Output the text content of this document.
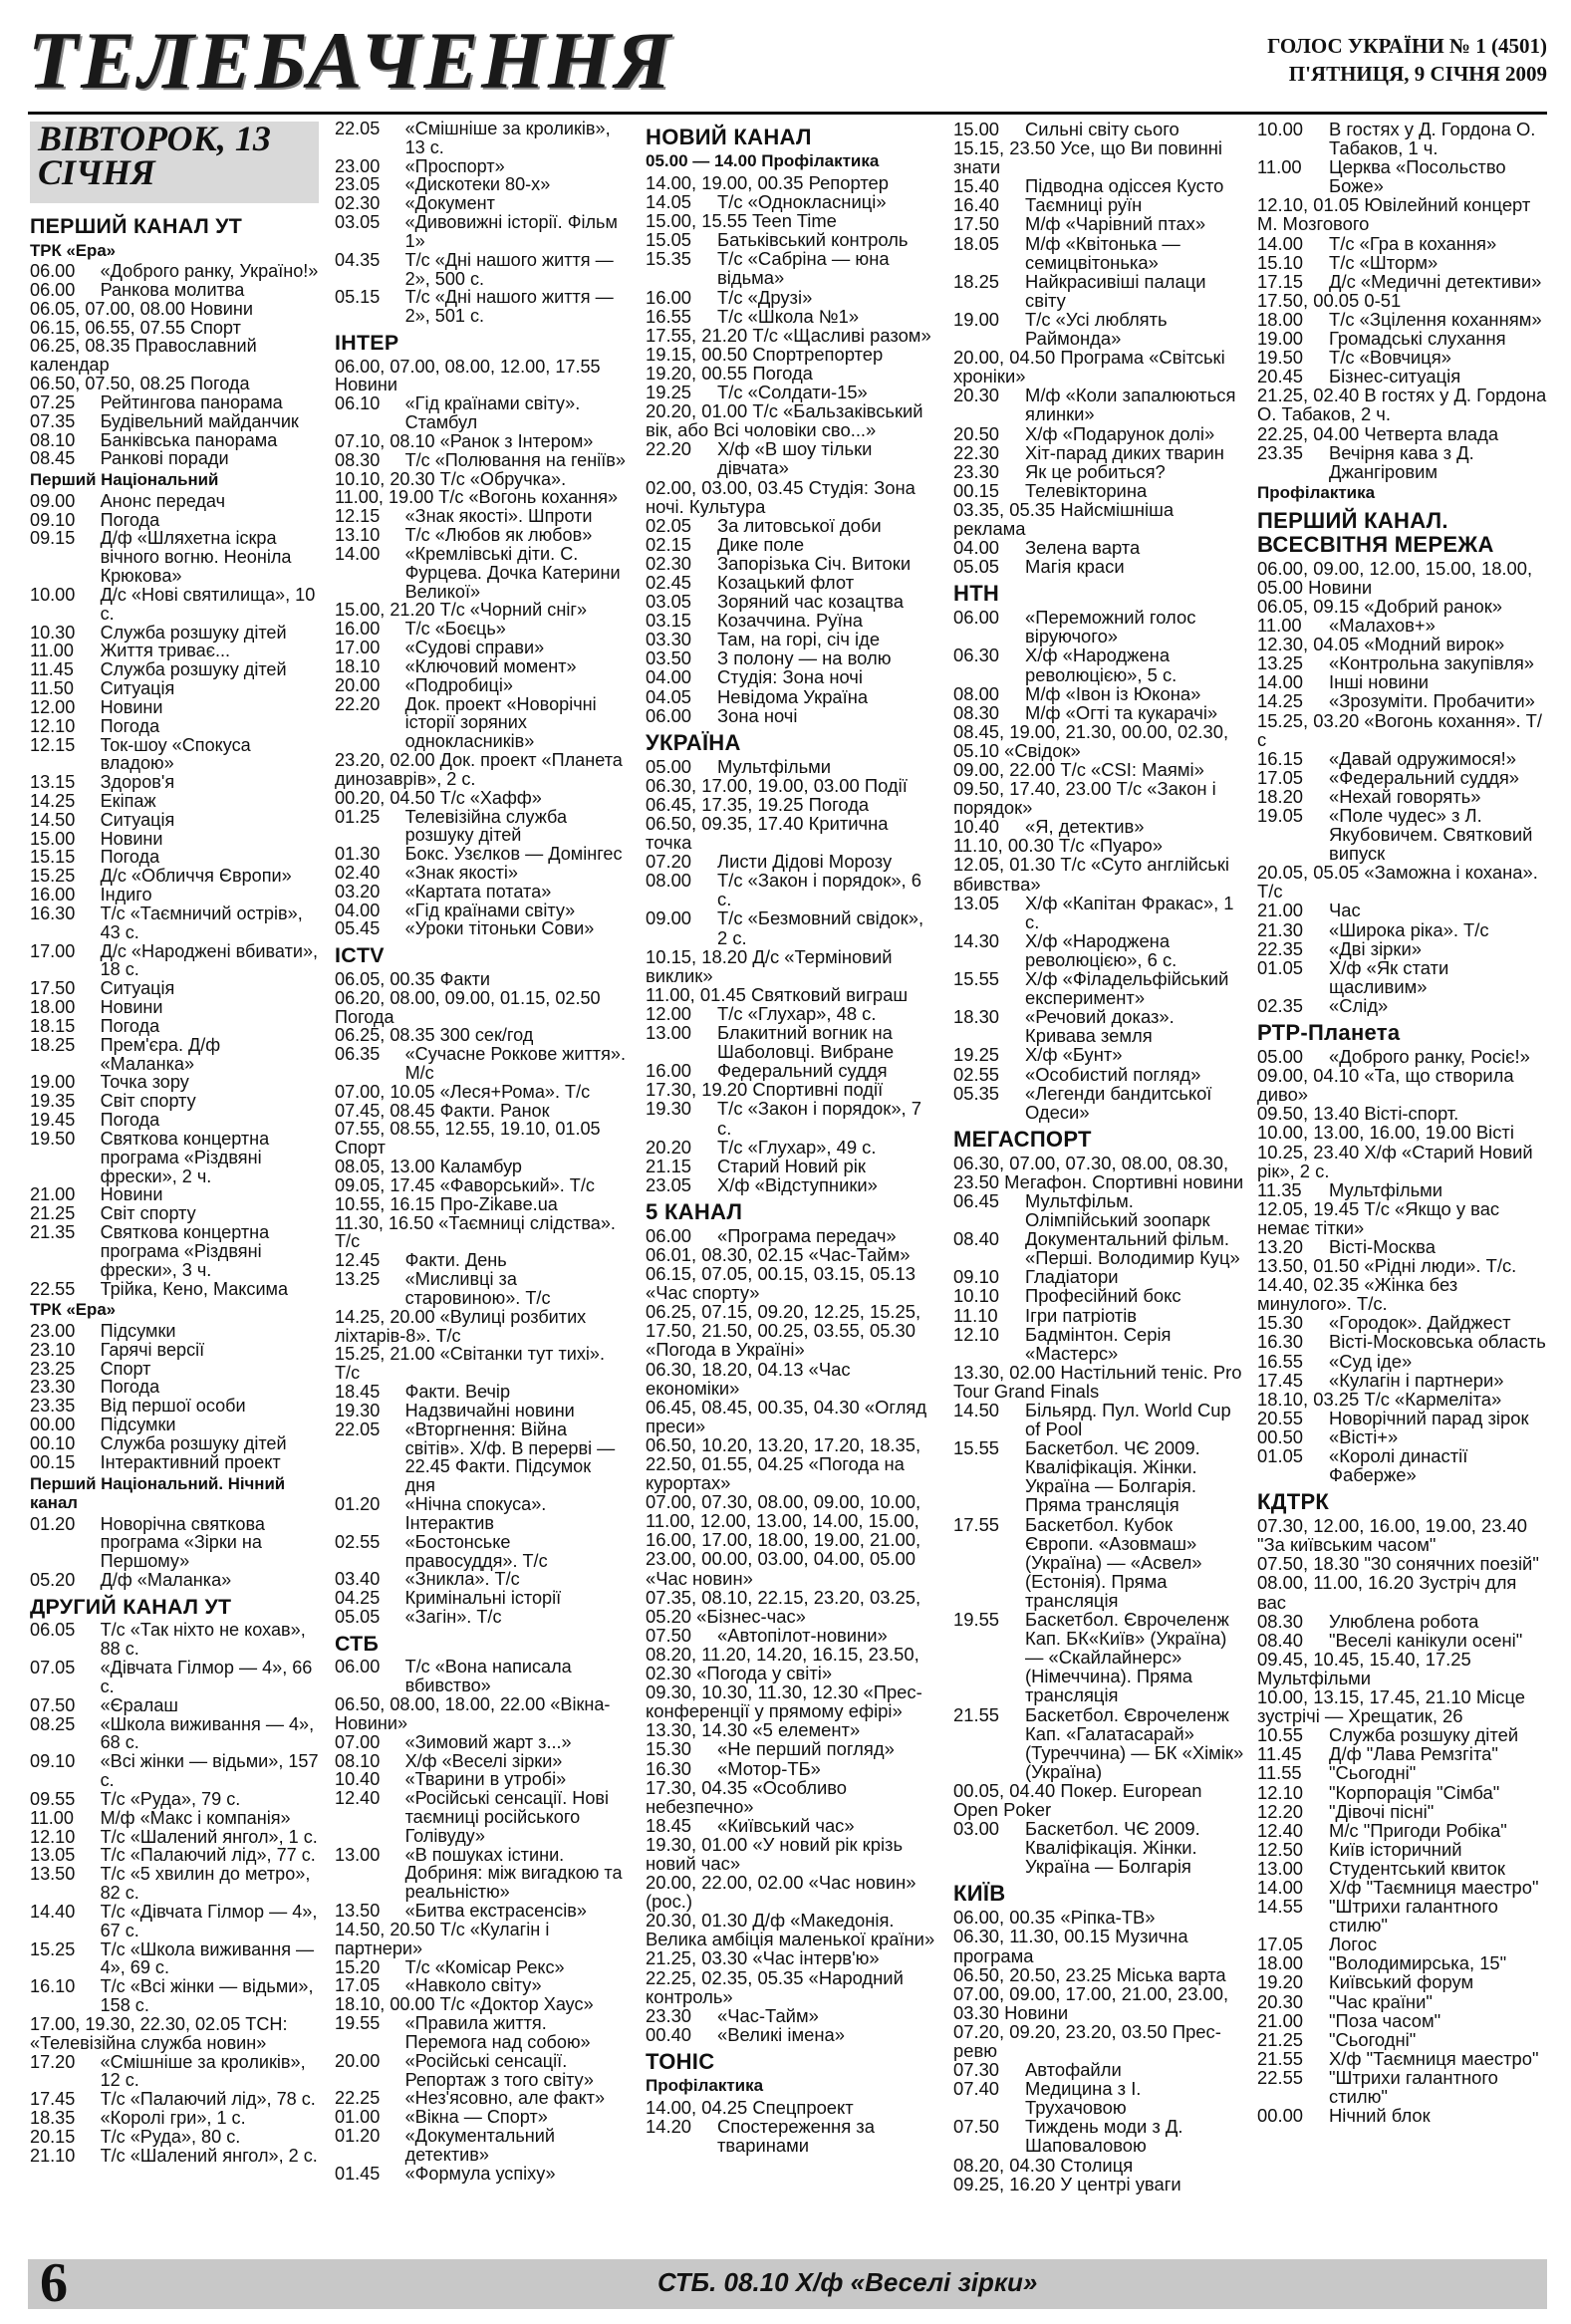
ТЕЛЕБАЧЕННЯ	ГОЛОС УКРАЇНИ № 1 (4501)
П'ЯТНИЦЯ, 9 СІЧНЯ 2009
ВІВТОРОК, 13 СІЧНЯ
ПЕРШИЙ КАНАЛ УТ
ТРК «Ера»
06.00	«Доброго ранку, Україно!»
06.00	Ранкова молитва
06.05, 07.00, 08.00 Новини
06.15, 06.55, 07.55 Спорт
06.25, 08.35 Православний календар
06.50, 07.50, 08.25 Погода
07.25	Рейтингова панорама
07.35	Будівельний майданчик
08.10	Банківська панорама
08.45	Ранкові поради
Перший Національний
09.00	Анонс передач
09.10	Погода
09.15	Д/ф «Шляхетна іскра вічного вогню. Неоніла Крюкова»
10.00	Д/с «Нові святилища», 10 с.
10.30	Служба розшуку дітей
11.00	Життя триває...
11.45	Служба розшуку дітей
11.50	Ситуація
12.00	Новини
12.10	Погода
12.15	Ток-шоу «Спокуса владою»
13.15	Здоров'я
14.25	Екіпаж
14.50	Ситуація
15.00	Новини
15.15	Погода
15.25	Д/с «Обличчя Європи»
16.00	Індиго
16.30	Т/с «Таємничий острів», 43 с.
17.00	Д/с «Народжені вбивати», 18 с.
17.50	Ситуація
18.00	Новини
18.15	Погода
18.25	Прем'єра. Д/ф «Маланка»
19.00	Точка зору
19.35	Світ спорту
19.45	Погода
19.50	Святкова концертна програма «Різдвяні фрески», 2 ч.
21.00	Новини
21.25	Світ спорту
21.35	Святкова концертна програма «Різдвяні фрески», 3 ч.
22.55	Трійка, Кено, Максима
ТРК «Ера»
23.00	Підсумки
23.10	Гарячі версії
23.25	Спорт
23.30	Погода
23.35	Від першої особи
00.00	Підсумки
00.10	Служба розшуку дітей
00.15	Інтерактивний проект
Перший Національний. Нічний канал
01.20	Новорічна святкова програма «Зірки на Першому»
05.20	Д/ф «Маланка»
ДРУГИЙ КАНАЛ УТ
06.05	Т/с «Так ніхто не кохав», 88 с.
07.05	«Дівчата Гілмор — 4», 66 с.
07.50	«Єралаш
08.25	«Школа виживання — 4», 68 с.
09.10	«Всі жінки — відьми», 157 с.
09.55	Т/с «Руда», 79 с.
11.00	М/ф «Макс і компанія»
12.10	Т/с «Шалений янгол», 1 с.
13.05	Т/с «Палаючий лід», 77 с.
13.50	Т/с «5 хвилин до метро», 82 с.
14.40	Т/с «Дівчата Гілмор — 4», 67 с.
15.25	Т/с «Школа виживання — 4», 69 с.
16.10	Т/с «Всі жінки — відьми», 158 с.
17.00, 19.30, 22.30, 02.05 ТСН: «Телевізійна служба новин»
17.20	«Смішніше за кроликів», 12 с.
17.45	Т/с «Палаючий лід», 78 с.
18.35	«Королі гри», 1 с.
20.15	Т/с «Руда», 80 с.
21.10	Т/с «Шалений янгол», 2 с.
22.05	«Смішніше за кроликів», 13 с.
23.00	«Проспорт»
23.05	«Дискотеки 80-х»
02.30	«Документ
03.05	«Дивовижні історії. Фільм 1»
04.35	Т/с «Дні нашого життя — 2», 500 с.
05.15	Т/с «Дні нашого життя — 2», 501 с.
ІНТЕР
06.00, 07.00, 08.00, 12.00, 17.55 Новини
06.10	«Гід країнами світу». Стамбул
07.10, 08.10 «Ранок з Інтером»
08.30	Т/с «Полювання на геніїв»
10.10, 20.30 Т/с «Обручка».
11.00, 19.00 Т/с «Вогонь кохання»
12.15	«Знак якості». Шпроти
13.10	Т/с «Любов як любов»
14.00	«Кремлівські діти. С. Фурцева. Дочка Катерини Великої»
15.00, 21.20 Т/с «Чорний сніг»
16.00	Т/с «Боєць»
17.00	«Судові справи»
18.10	«Ключовий момент»
20.00	«Подробиці»
22.20	Док. проект «Новорічні історії зоряних однокласників»
23.20, 02.00 Док. проект «Планета динозаврів», 2 с.
00.20, 04.50 Т/с «Хафф»
01.25	Телевізійна служба розшуку дітей
01.30	Бокс. Узєлков — Домінгес
02.40	«Знак якості»
03.20	«Картата потата»
04.00	«Гід країнами світу»
05.45	«Уроки тітоньки Сови»
ICTV
06.05, 00.35 Факти
06.20, 08.00, 09.00, 01.15, 02.50 Погода
06.25, 08.35 300 сек/год
06.35	«Сучасне Роккове життя». М/с
07.00, 10.05 «Леся+Рома». Т/с
07.45, 08.45 Факти. Ранок
07.55, 08.55, 12.55, 19.10, 01.05 Спорт
08.05, 13.00 Каламбур
09.05, 17.45 «Фаворський». Т/с
10.55, 16.15 Про-Zikaвe.ua
11.30, 16.50 «Таємниці слідства». Т/с
12.45	Факти. День
13.25	«Мисливці за старовиною». Т/с
14.25, 20.00 «Вулиці розбитих ліхтарів-8». Т/с
15.25, 21.00 «Світанки тут тихі». Т/с
18.45	Факти. Вечір
19.30	Надзвичайні новини
22.05	«Вторгнення: Війна світів». Х/ф. В перерві — 22.45 Факти. Підсумок дня
01.20	«Нічна спокуса». Інтерактив
02.55	«Бостонське правосуддя». Т/с
03.40	«Зникла». Т/с
04.25	Кримінальні історії
05.05	«Загін». Т/с
СТБ
06.00	Т/с «Вона написала вбивство»
06.50, 08.00, 18.00, 22.00 «Вікна-Новини»
07.00	«Зимовий жарт з...»
08.10	Х/ф «Веселі зірки»
10.40	«Тварини в утробі»
12.40	«Російські сенсації. Нові таємниці російського Голівуду»
13.00	«В пошуках істини. Добриня: між вигадкою та реальністю»
13.50	«Битва екстрасенсів»
14.50, 20.50 Т/с «Кулагін і партнери»
15.20	Т/с «Комісар Рекс»
17.05	«Навколо світу»
18.10, 00.00 Т/с «Доктор Хаус»
19.55	«Правила життя. Перемога над собою»
20.00	«Російські сенсації. Репортаж з того світу»
22.25	«Нез'ясовно, але факт»
01.00	«Вікна — Спорт»
01.20	«Документальний детектив»
01.45	«Формула успіху»
НОВИЙ КАНАЛ
05.00 — 14.00 Профілактика
14.00, 19.00, 00.35 Репортер
14.05	Т/с «Однокласниці»
15.00, 15.55 Teen Time
15.05	Батьківський контроль
15.35	Т/с «Сабріна — юна відьма»
16.00	Т/с «Друзі»
16.55	Т/с «Школа №1»
17.55, 21.20 Т/с «Щасливі разом»
19.15, 00.50 Спортрепортер
19.20, 00.55 Погода
19.25	Т/с «Солдати-15»
20.20, 01.00 Т/с «Бальзаківський вік, або Всі чоловіки сво...»
22.20	Х/ф «В шоу тільки дівчата»
02.00, 03.00, 03.45 Студія: Зона ночі. Культура
02.05	За литовської доби
02.15	Дике поле
02.30	Запорізька Січ. Витоки
02.45	Козацький флот
03.05	Зоряний час козацтва
03.15	Козаччина. Руїна
03.30	Там, на горі, січ іде
03.50	З полону — на волю
04.00	Студія: Зона ночі
04.05	Невідома Україна
06.00	Зона ночі
УКРАЇНА
05.00	Мультфільми
06.30, 17.00, 19.00, 03.00 Події
06.45, 17.35, 19.25 Погода
06.50, 09.35, 17.40 Критична точка
07.20	Листи Дідові Морозу
08.00	Т/с «Закон і порядок», 6 с.
09.00	Т/с «Безмовний свідок», 2 с.
10.15, 18.20 Д/с «Терміновий виклик»
11.00, 01.45 Святковий виграш
12.00	Т/с «Глухар», 48 с.
13.00	Блакитний вогник на Шаболовці. Вибране
16.00	Федеральний суддя
17.30, 19.20 Спортивні події
19.30	Т/с «Закон і порядок», 7 с.
20.20	Т/с «Глухар», 49 с.
21.15	Старий Новий рік
23.05	Х/ф «Відступники»
5 КАНАЛ
06.00	«Програма передач»
06.01, 08.30, 02.15 «Час-Тайм»
06.15, 07.05, 00.15, 03.15, 05.13 «Час спорту»
06.25, 07.15, 09.20, 12.25, 15.25, 17.50, 21.50, 00.25, 03.55, 05.30 «Погода в Україні»
06.30, 18.20, 04.13 «Час економіки»
06.45, 08.45, 00.35, 04.30 «Огляд преси»
06.50, 10.20, 13.20, 17.20, 18.35, 22.50, 01.55, 04.25 «Погода на курортах»
07.00, 07.30, 08.00, 09.00, 10.00, 11.00, 12.00, 13.00, 14.00, 15.00, 16.00, 17.00, 18.00, 19.00, 21.00, 23.00, 00.00, 03.00, 04.00, 05.00 «Час новин»
07.35, 08.10, 22.15, 23.20, 03.25, 05.20 «Бізнес-час»
07.50	«Автопілот-новини»
08.20, 11.20, 14.20, 16.15, 23.50, 02.30 «Погода у світі»
09.30, 10.30, 11.30, 12.30 «Прес-конференції у прямому ефірі»
13.30, 14.30 «5 елемент»
15.30	«Не перший погляд»
16.30	«Мотор-ТБ»
17.30, 04.35 «Особливо небезпечно»
18.45	«Київський час»
19.30, 01.00 «У новий рік крізь новий час»
20.00, 22.00, 02.00 «Час новин» (рос.)
20.30, 01.30 Д/ф «Македонія. Велика амбіція маленької країни»
21.25, 03.30 «Час інтерв'ю»
22.25, 02.35, 05.35 «Народний контроль»
23.30	«Час-Тайм»
00.40	«Великі імена»
ТОНІС
Профілактика
14.00, 04.25 Спецпроект
14.20	Спостереження за тваринами
15.00	Сильні світу сього
15.15, 23.50 Усе, що Ви повинні знати
15.40	Підводна одіссея Кусто
16.40	Таємниці руїн
17.50	М/ф «Чарівний птах»
18.05	М/ф «Квітонька — семицвітонька»
18.25	Найкрасивіші палаци світу
19.00	Т/с «Усі люблять Раймонда»
20.00, 04.50 Програма «Світські хроніки»
20.30	М/ф «Коли запалюються ялинки»
20.50	Х/ф «Подарунок долі»
22.30	Хіт-парад диких тварин
23.30	Як це робиться?
00.15	Телевікторина
03.35, 05.35 Найсмішніша реклама
04.00	Зелена варта
05.05	Магія краси
НТН
06.00	«Переможний голос віруючого»
06.30	Х/ф «Народжена революцією», 5 с.
08.00	М/ф «Івон із Юкона»
08.30	М/ф «Огті та кукарачі»
08.45, 19.00, 21.30, 00.00, 02.30, 05.10 «Свідок»
09.00, 22.00 Т/с «CSI: Маямі»
09.50, 17.40, 23.00 Т/с «Закон і порядок»
10.40	«Я, детектив»
11.10, 00.30 Т/с «Пуаро»
12.05, 01.30 Т/с «Суто англійські вбивства»
13.05	Х/ф «Капітан Фракас», 1 с.
14.30	Х/ф «Народжена революцією», 6 с.
15.55	Х/ф «Філадельфійський експеримент»
18.30	«Речовий доказ». Кривава земля
19.25	Х/ф «Бунт»
02.55	«Особистий погляд»
05.35	«Легенди бандитської Одеси»
МЕГАСПОРТ
06.30, 07.00, 07.30, 08.00, 08.30, 23.50 Мегафон. Спортивні новини
06.45	Мультфільм. Олімпійський зоопарк
08.40	Документальний фільм. «Перші. Володимир Куц»
09.10	Гладіатори
10.10	Професійний бокс
11.10	Ігри патріотів
12.10	Бадмінтон. Серія «Мастерс»
13.30, 02.00 Настільний теніс. Pro Tour Grand Finals
14.50	Більярд. Пул. World Cup of Pool
15.55	Баскетбол. ЧЄ 2009. Кваліфікація. Жінки. Україна — Болгарія. Пряма трансляція
17.55	Баскетбол. Кубок Європи. «Азовмаш» (Україна) — «Асвел» (Естонія). Пряма трансляція
19.55	Баскетбол. Єврочеленж Кап. БК«Київ» (Україна) — «Скайлайнерс» (Німеччина). Пряма трансляція
21.55	Баскетбол. Єврочеленж Кап. «Галатасарай» (Туреччина) — БК «Хімік» (Україна)
00.05, 04.40 Покер. European Open Poker
03.00	Баскетбол. ЧЄ 2009. Кваліфікація. Жінки. Україна — Болгарія
КИЇВ
06.00, 00.35 «Ріпка-ТВ»
06.30, 11.30, 00.15 Музична програма
06.50, 20.50, 23.25 Міська варта
07.00, 09.00, 17.00, 21.00, 23.00, 03.30 Новини
07.20, 09.20, 23.20, 03.50 Прес-ревю
07.30	Автофайли
07.40	Медицина з І. Трухачовою
07.50	Тиждень моди з Д. Шаповаловою
08.20, 04.30 Столиця
09.25, 16.20 У центрі уваги
10.00	В гостях у Д. Гордона О. Табаков, 1 ч.
11.00	Церква «Посольство Боже»
12.10, 01.05 Ювілейний концерт М. Мозгового
14.00	Т/с «Гра в кохання»
15.10	Т/с «Шторм»
17.15	Д/с «Медичні детективи»
17.50, 00.05 0-51
18.00	Т/с «Зцілення коханням»
19.00	Громадські слухання
19.50	Т/с «Вовчиця»
20.45	Бізнес-ситуація
21.25, 02.40 В гостях у Д. Гордона О. Табаков, 2 ч.
22.25, 04.00 Четверта влада
23.35	Вечірня кава з Д. Джангіровим
Профілактика
ПЕРШИЙ КАНАЛ. ВСЕСВІТНЯ МЕРЕЖА
06.00, 09.00, 12.00, 15.00, 18.00, 05.00 Новини
06.05, 09.15 «Добрий ранок»
11.00	«Малахов+»
12.30, 04.05 «Модний вирок»
13.25	«Контрольна закупівля»
14.00	Інші новини
14.25	«Зрозуміти. Пробачити»
15.25, 03.20 «Вогонь кохання». Т/с
16.15	«Давай одружимося!»
17.05	«Федеральний суддя»
18.20	«Нехай говорять»
19.05	«Поле чудес» з Л. Якубовичем. Святковий випуск
20.05, 05.05 «Заможна і кохана». Т/с
21.00	Час
21.30	«Широка ріка». Т/с
22.35	«Дві зірки»
01.05	Х/ф «Як стати щасливим»
02.35	«Слід»
РТР-Планета
05.00	«Доброго ранку, Росіє!»
09.00, 04.10 «Та, що створила диво»
09.50, 13.40 Вісті-спорт.
10.00, 13.00, 16.00, 19.00 Вісті
10.25, 23.40 Х/ф «Старий Новий рік», 2 с.
11.35	Мультфільми
12.05, 19.45 Т/с «Якщо у вас немає тітки»
13.20	Вісті-Москва
13.50, 01.50 «Рідні люди». Т/с.
14.40, 02.35 «Жінка без минулого». Т/с.
15.30	«Городок». Дайджест
16.30	Вісті-Московська область
16.55	«Суд іде»
17.45	«Кулагін і партнери»
18.10, 03.25 Т/с «Кармеліта»
20.55	Новорічний парад зірок
00.50	«Вісті+»
01.05	«Королі династії Фаберже»
КДТРК
07.30, 12.00, 16.00, 19.00, 23.40 "За київським часом"
07.50, 18.30 "30 сонячних поезій"
08.00, 11.00, 16.20 Зустріч для вас
08.30	Улюблена робота
08.40	"Веселі канікули осені"
09.45, 10.45, 15.40, 17.25 Мультфільми
10.00, 13.15, 17.45, 21.10 Місце зустрічі — Хрещатик, 26
10.55	Служба розшуку дітей
11.45	Д/ф "Лава Ремзгіта"
11.55	"Сьогодні"
12.10	"Корпорація "Сімба"
12.20	"Дівочі пісні"
12.40	М/с "Пригоди Робіка"
12.50	Київ історичний
13.00	Студентський квиток
14.00	Х/ф "Таємниця маестро"
14.55	"Штрихи галантного стилю"
17.05	Логос
18.00	"Володимирська, 15"
19.20	Київський форум
20.30	"Час країни"
21.00	"Поза часом"
21.25	"Сьогодні"
21.55	Х/ф "Таємниця маестро"
22.55	"Штрихи галантного стилю"
00.00	Нічний блок
6	СТБ. 08.10 Х/ф «Веселі зірки»
